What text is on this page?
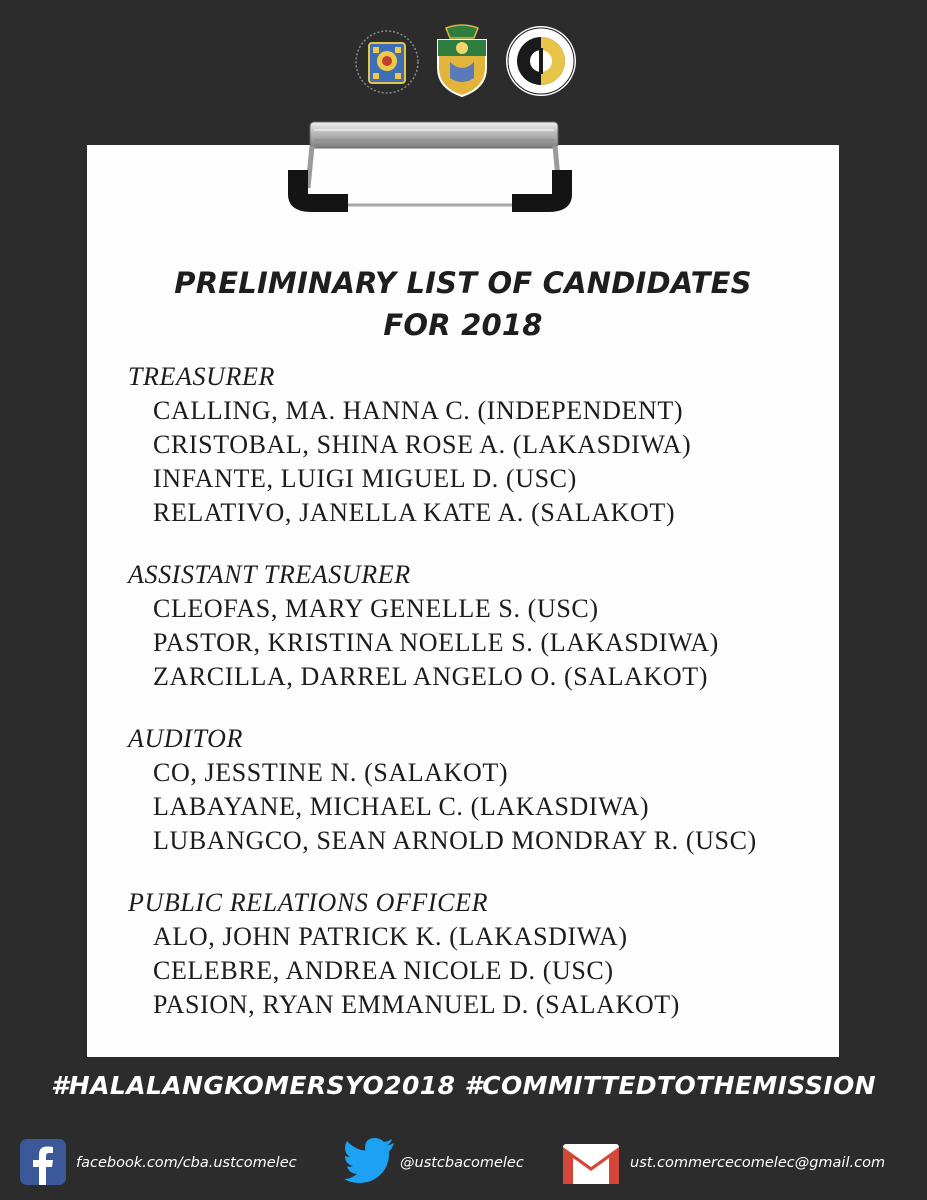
PRELIMINARY LIST OF CANDIDATES
FOR 2018
TREASURER
CALLING, MA. HANNA C. (INDEPENDENT)
CRISTOBAL, SHINA ROSE A. (LAKASDIWA)
INFANTE, LUIGI MIGUEL D. (USC)
RELATIVO, JANELLA KATE A. (SALAKOT)
ASSISTANT TREASURER
CLEOFAS, MARY GENELLE S. (USC)
PASTOR, KRISTINA NOELLE S. (LAKASDIWA)
ZARCILLA, DARREL ANGELO O. (SALAKOT)
AUDITOR
CO, JESSTINE N. (SALAKOT)
LABAYANE, MICHAEL C. (LAKASDIWA)
LUBANGCO, SEAN ARNOLD MONDRAY R. (USC)
PUBLIC RELATIONS OFFICER
ALO, JOHN PATRICK K. (LAKASDIWA)
CELEBRE, ANDREA NICOLE D. (USC)
PASION, RYAN EMMANUEL D. (SALAKOT)
#HALALANGKOMERSYO2018 #COMMITTEDTOTHEMISSION
facebook.com/cba.ustcomelec	@ustcbacomelec	ust.commercecomelec@gmail.com
